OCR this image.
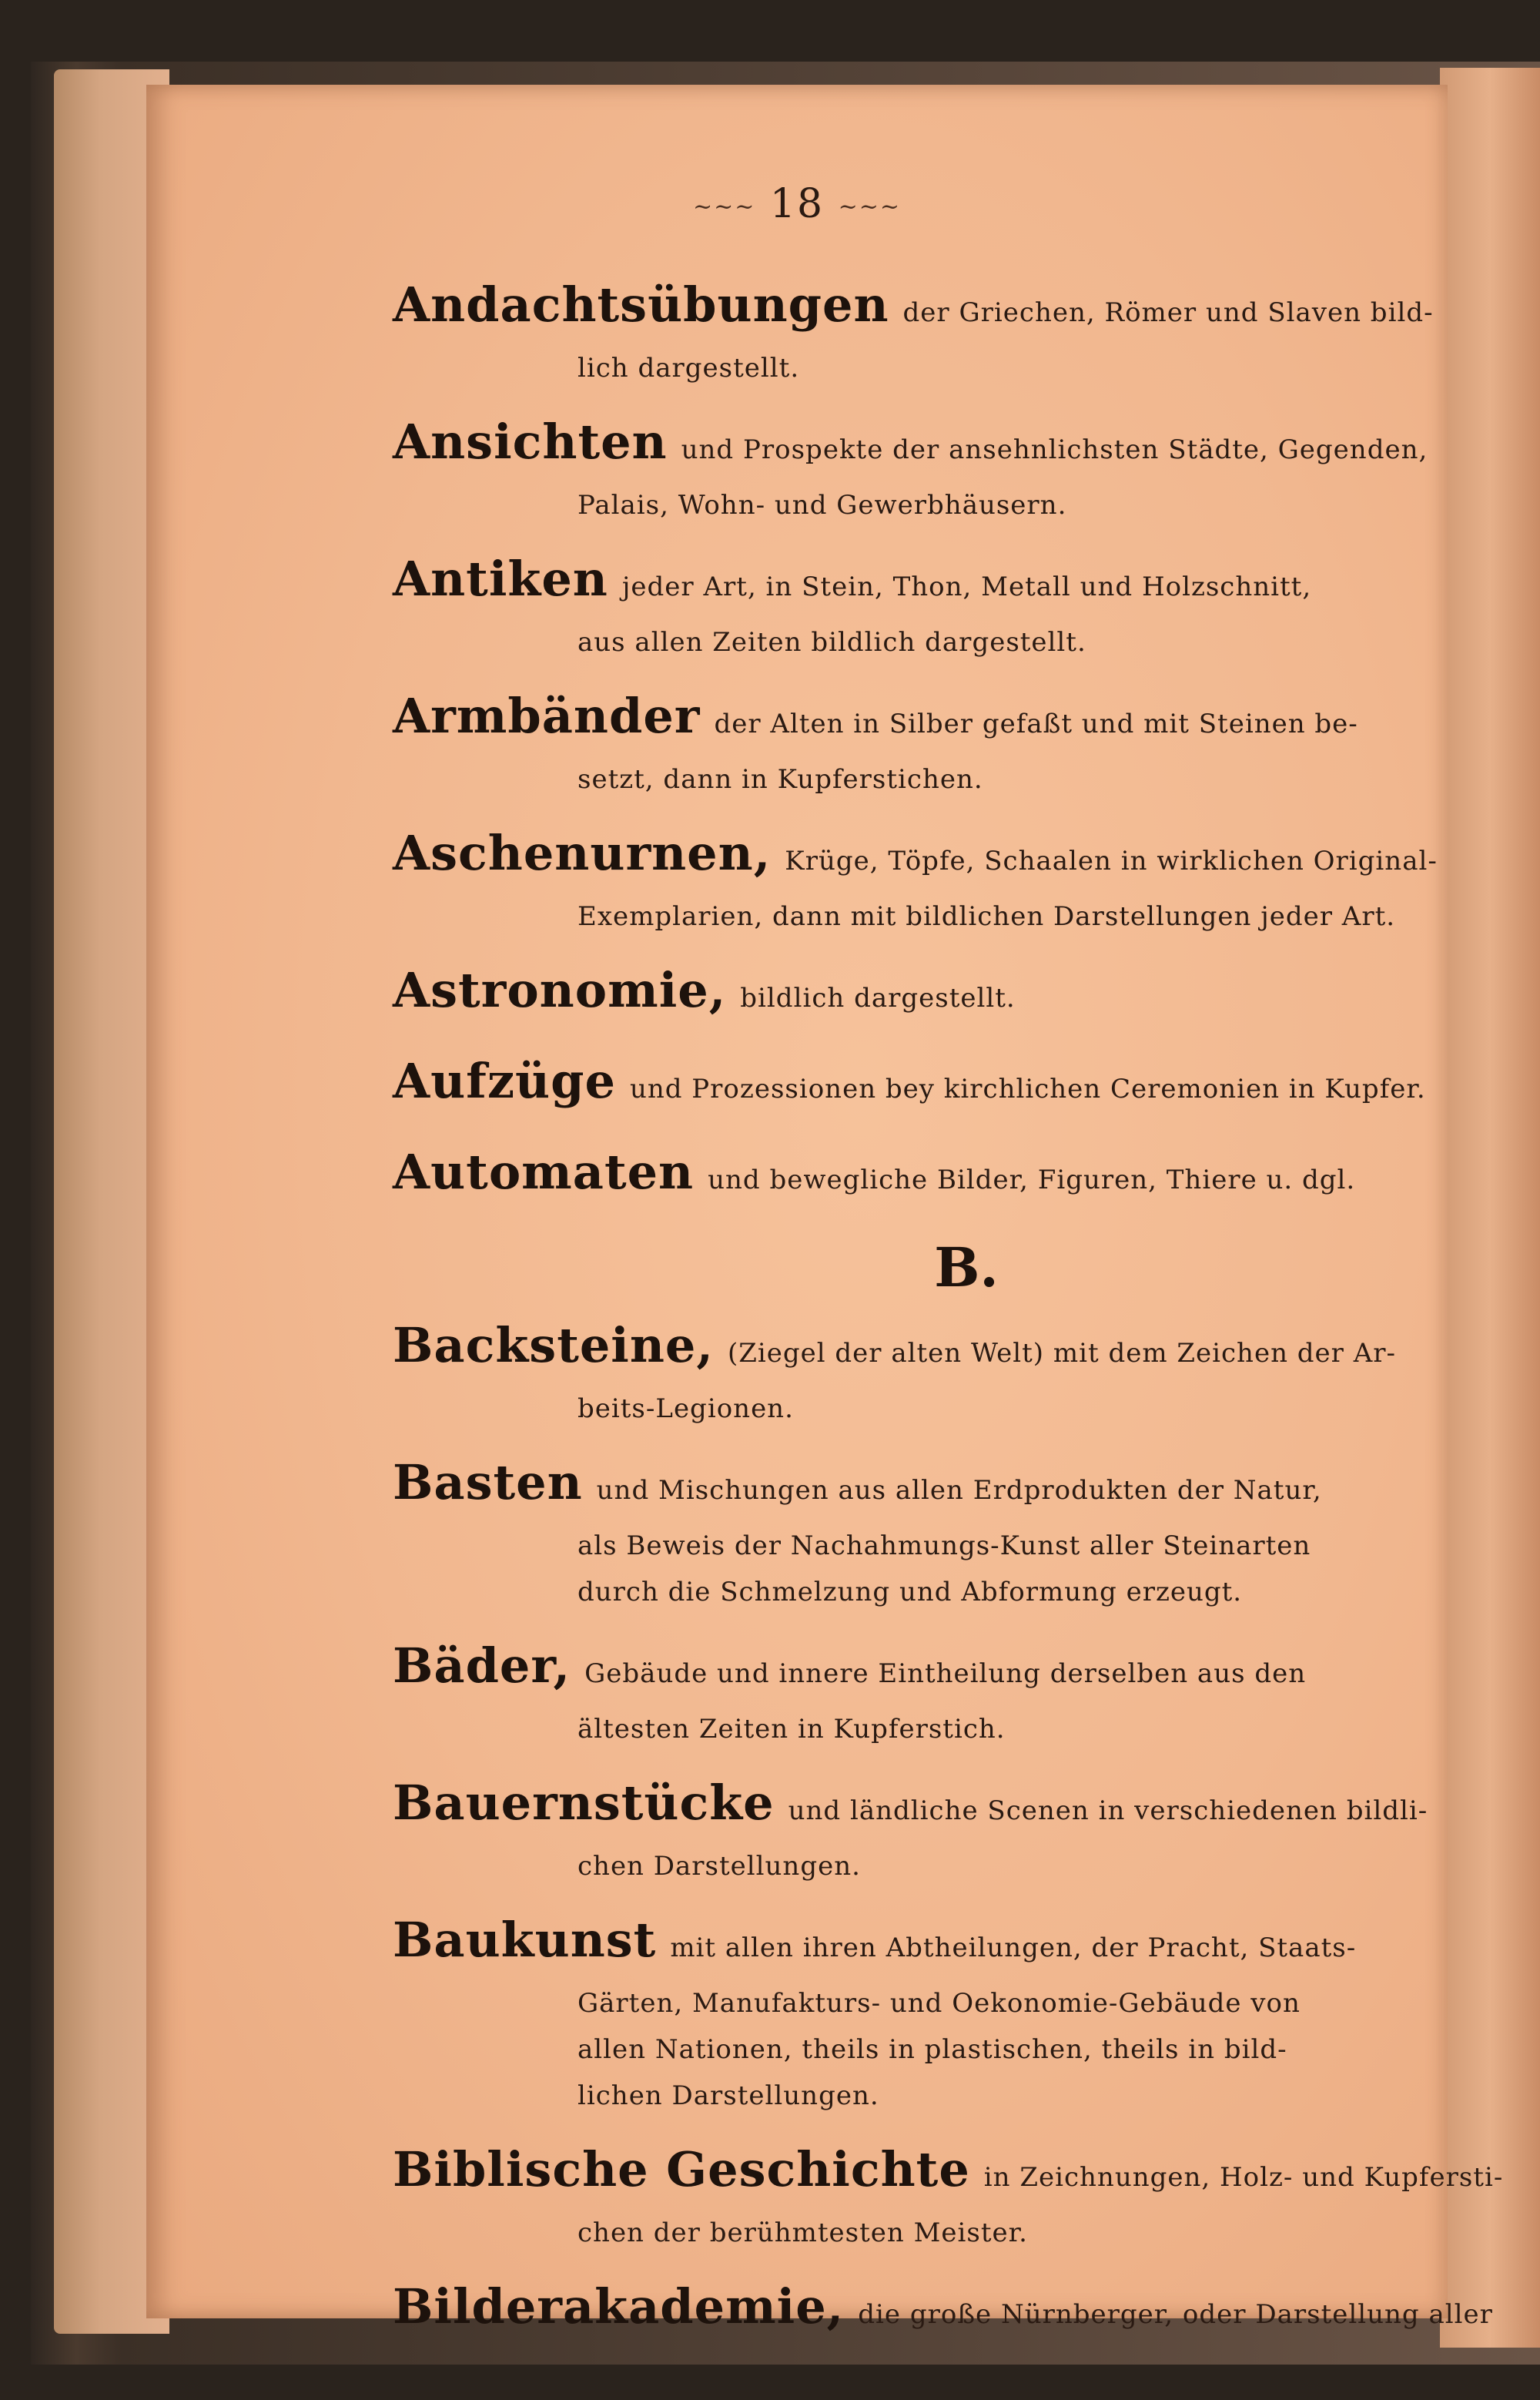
~~~ 18 ~~~
Andachtsübungen der Griechen, Römer und Slaven bild-
lich dargestellt.
Ansichten und Prospekte der ansehnlichsten Städte, Gegenden,
Palais, Wohn- und Gewerbhäusern.
Antiken jeder Art, in Stein, Thon, Metall und Holzschnitt,
aus allen Zeiten bildlich dargestellt.
Armbänder der Alten in Silber gefaßt und mit Steinen be-
setzt, dann in Kupferstichen.
Aschenurnen, Krüge, Töpfe, Schaalen in wirklichen Original-
Exemplarien, dann mit bildlichen Darstellungen jeder Art.
Astronomie, bildlich dargestellt.
Aufzüge und Prozessionen bey kirchlichen Ceremonien in Kupfer.
Automaten und bewegliche Bilder, Figuren, Thiere u. dgl.
B.
Backsteine, (Ziegel der alten Welt) mit dem Zeichen der Ar-
beits-Legionen.
Basten und Mischungen aus allen Erdprodukten der Natur,
als Beweis der Nachahmungs-Kunst aller Steinarten
durch die Schmelzung und Abformung erzeugt.
Bäder, Gebäude und innere Eintheilung derselben aus den
ältesten Zeiten in Kupferstich.
Bauernstücke und ländliche Scenen in verschiedenen bildli-
chen Darstellungen.
Baukunst mit allen ihren Abtheilungen, der Pracht, Staats-
Gärten, Manufakturs- und Oekonomie-Gebäude von
allen Nationen, theils in plastischen, theils in bild-
lichen Darstellungen.
Biblische Geschichte in Zeichnungen, Holz- und Kupfersti-
chen der berühmtesten Meister.
Bilderakademie, die große Nürnberger, oder Darstellung aller
